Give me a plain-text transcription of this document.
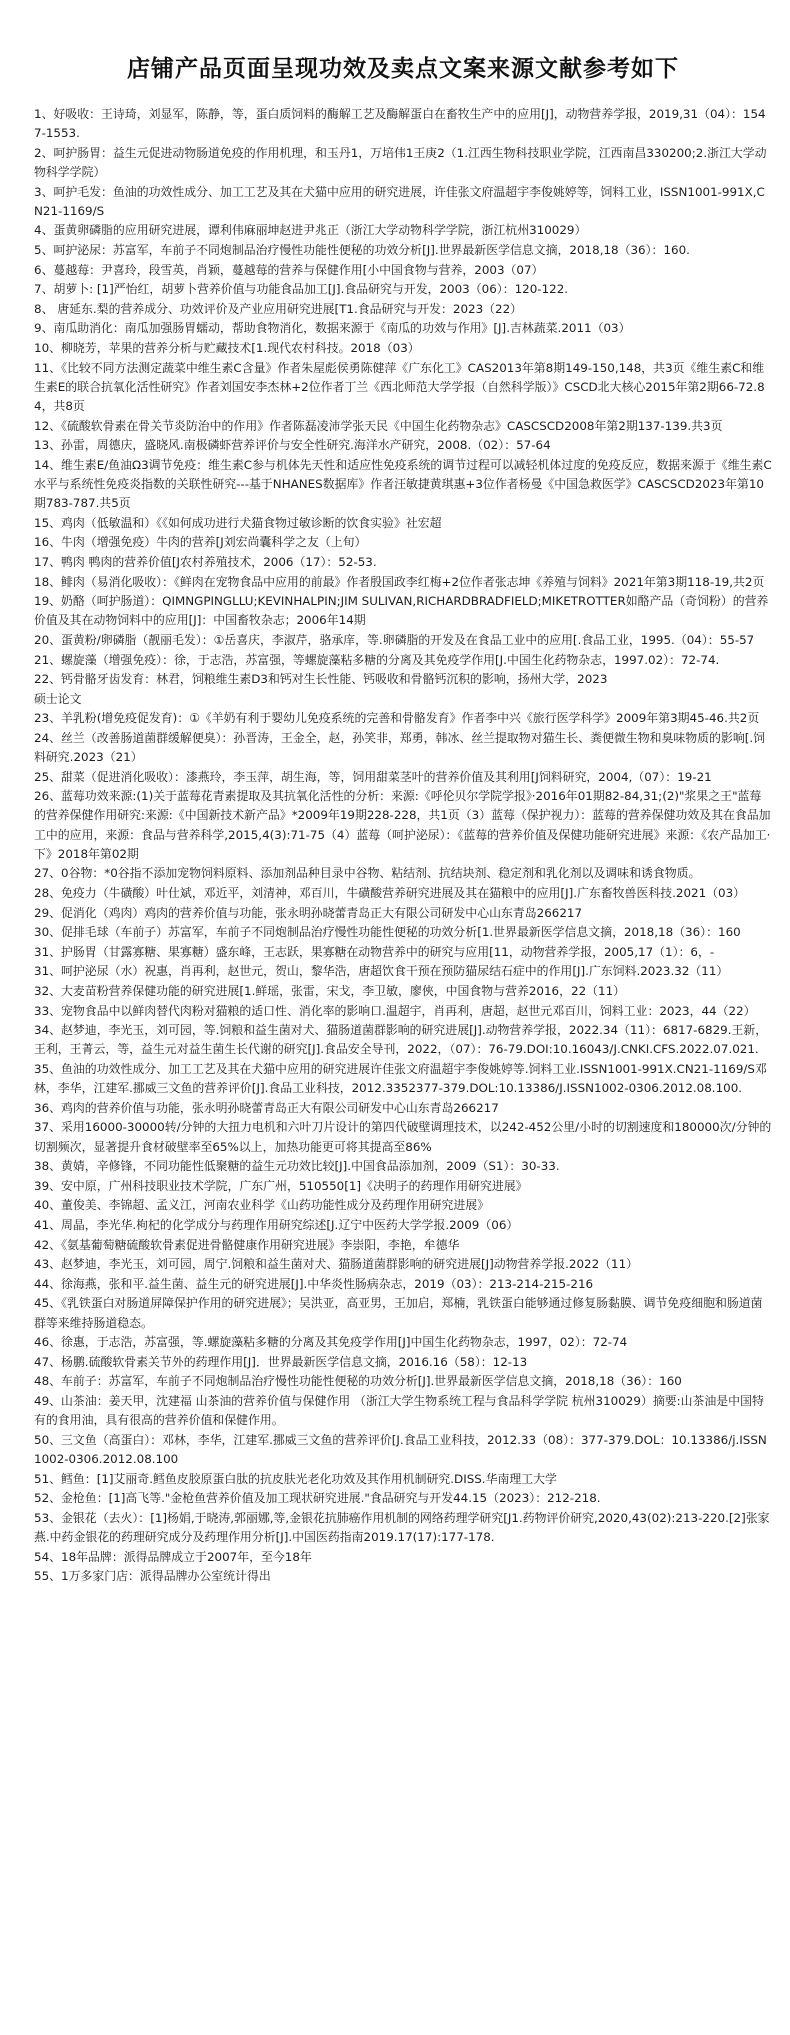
店铺产品页面呈现功效及卖点文案来源文献参考如下
1、好吸收：王诗琦，刘显军，陈静，等，蛋白质饲料的酶解工艺及酶解蛋白在畜牧生产中的应用[J]，动物营养学报，2019,31（04）：1547-1553.
2、呵护肠胃：益生元促进动物肠道免疫的作用机理，和玉丹1，万培伟1王庚2（1.江西生物科技职业学院，江西南昌330200;2.浙江大学动物科学学院）
3、呵护毛发：鱼油的功效性成分、加工工艺及其在犬猫中应用的研究进展，许佳张文府温超宇李俊姚婷等，饲料工业，ISSN1001-991X,CN21-1169/S
4、蛋黄卵磷脂的应用研究进展，谭利伟麻丽坤赵进尹兆正（浙江大学动物科学学院，浙江杭州310029）
5、呵护泌尿：苏富军，车前子不同炮制品治疗慢性功能性便秘的功效分析[J].世界最新医学信息文摘，2018,18（36）：160.
6、蔓越莓：尹喜玲，段雪英，肖颖，蔓越莓的营养与保健作用[小中国食物与营养，2003（07）
7、胡萝卜: [1]严怡红，胡萝卜营养价值与功能食品加工[J].食品研究与开发，2003（06）：120-122.
8、 唐延东.梨的营养成分、功效评价及产业应用研究进展[T1.食品研究与开发：2023（22）
9、南瓜助消化：南瓜加强肠胃蠕动，帮助食物消化，数据来源于《南瓜的功效与作用》[J].吉林蔬菜.2011（03）
10、柳晓芳，苹果的营养分析与贮藏技术[1.现代农村科技。2018（03）
11、《比较不同方法测定蔬菜中维生素C含量》作者朱屋彪侯勇陈健萍《广东化工》CAS2013年第8期149-150,148，共3页《维生素C和维生素E的联合抗氧化活性研究》作者刘国安李杰林+2位作者丁兰《西北师范大学学报（自然科学版）》CSCD北大核心2015年第2期66-72.84，共8页
12、《硫酸软骨素在骨关节炎防治中的作用》作者陈磊凌沛学张天民《中国生化药物杂志》CASCSCD2008年第2期137-139.共3页
13、孙雷，周德庆，盛晓风.南极磷虾营养评价与安全性研究.海洋水产研究，2008.（02）：57-64
14、维生素E/鱼油Ω3调节免疫：维生素C参与机体先天性和适应性免疫系统的调节过程可以减轻机体过度的免疫反应，数据来源于《维生素C水平与系统性免疫炎指数的关联性研究---基于NHANES数据库》作者汪敏捷黄琪惠+3位作者杨曼《中国急救医学》CASCSCD2023年第10期783-787.共5页
15、鸡肉（低敏温和）《《如何成功进行犬猫食物过敏诊断的饮食实验》社宏超
16、牛肉（增强免疫）牛肉的营养[J刘宏尚囊科学之友（上旬）
17、鸭肉 鸭肉的营养价值[J农村养殖技术，2006（17）：52-53.
18、鲱肉（易消化吸收）：《鲜肉在宠物食品中应用的前最》作者殷国政李红梅+2位作者张志坤《养殖与饲料》2021年第3期118-19,共2页
19、奶酪（呵护肠道）：QIMNGPINGLLU;KEVINHALPIN;JIM SULIVAN,RICHARDBRADFIELD;MIKETROTTER如酪产品（奇饲粉）的营养价值及其在动物饲料中的应用[J]：中国畜牧杂志；2006年14期
20、蛋黄粉/卵磷脂（靓丽毛发）：①岳喜庆，李淑芹，骆承庠，等.卵磷脂的开发及在食品工业中的应用[.食品工业，1995.（04）：55-57
21、螺旋藻（增强免疫）：徐，于志浩，苏富强，等螺旋藻粘多糖的分离及其免疫学作用[J.中国生化药物杂志，1997.02）：72-74.
22、钙骨骼牙齿发育：林君，饲粮维生素D3和钙对生长性能、钙吸收和骨骼钙沉积的影响，扬州大学，2023
硕士论文
23、羊乳粉(增免疫促发育)：①《羊奶有利于婴幼儿免疫系统的完善和骨骼发育》作者李中兴《旅行医学科学》2009年第3期45-46.共2页
24、丝兰（改善肠道菌群缓解便臭）：孙晋涛，王金全，赵，孙笑非，郑勇，韩冰、丝兰提取物对猫生长、粪便微生物和臭味物质的影响[.饲料研究.2023（21）
25、甜菜（促进消化吸收）：漆燕玲，李玉萍，胡生海，等，饲用甜菜茎叶的营养价值及其利用[J饲料研究，2004,（07）：19-21
26、蓝莓功效来源:(1)关于蓝莓花青素提取及其抗氧化活性的分析：来源:《呼伦贝尔学院学报》·2016年01期82-84,31;(2)"浆果之王"蓝莓的营养保健作用研究:来源:《中国新技术新产品》*2009年19期228-228，共1页（3）蓝莓（保护视力）：蓝莓的营养保健功效及其在食品加工中的应用，来源：食品与营养科学,2015,4(3):71-75（4）蓝莓（呵护泌尿）：《蓝莓的营养价值及保健功能研究进展》来源：《农产品加工·下》2018年第02期
27、0谷物：*0谷指不添加宠物饲料原料、添加剂品种目录中谷物、粘结剂、抗结块剂、稳定剂和乳化剂以及调味和诱食物质。
28、免疫力（牛磺酸）叶仕斌，邓近平，刘清神，邓百川，牛磺酸营养研究进展及其在猫粮中的应用[J].广东畜牧兽医科技.2021（03）
29、促消化（鸡肉）鸡肉的营养价值与功能，张永明孙晓蕾青岛正大有限公司研发中心山东青岛266217
30、促排毛球（车前子）苏富军，车前子不同炮制品治疗慢性功能性便秘的功效分析[1.世界最新医学信息文摘，2018,18（36）：160
31、护肠胃（甘露寡糖、果寡糖）盛东峰，王志跃，果寡糖在动物营养中的研究与应用[11，动物营养学报，2005,17（1）：6，-
31、呵护泌尿（水）祝惠，肖再利，赵世元，贺山，黎华浩，唐超饮食干预在预防猫尿结石症中的作用[J].广东饲料.2023.32（11）
32、大麦苗粉营养保健功能的研究进展[1.鲜瑶，张雷，宋戈，李卫敏，廖俠，中国食物与营养2016，22（11）
33、宠物食品中以鲜肉替代肉粉对猫粮的适口性、消化率的影响口.温超宇，肖再利，唐超，赵世元邓百川，饲料工业：2023，44（22）
34、赵梦迪，李光玉，刘可园，等.饲粮和益生菌对犬、猫肠道菌群影响的研究进展[J].动物营养学报，2022.34（11）：6817-6829.王新，王利，王菁云，等，益生元对益生菌生长代谢的研究[J].食品安全导刊，2022，（07）：76-79.DOI:10.16043/J.CNKI.CFS.2022.07.021.
35、鱼油的功效性成分、加工工艺及其在犬猫中应用的研究进展许佳张文府温超宇李俊姚婷等.饲料工业.ISSN1001-991X.CN21-1169/S邓林，李华，江建军.挪威三文鱼的营养评价[J].食品工业科技，2012.3352377-379.DOL:10.13386/J.ISSN1002-0306.2012.08.100.
36、鸡肉的营养价值与功能，张永明孙晓蕾青岛正大有限公司研发中心山东青岛266217
37、采用16000-30000转/分钟的大扭力电机和六叶刀片设计的第四代破壁调理技术，以242-452公里/小时的切割速度和180000次/分钟的切割频次，显著提升食材破壁率至65%以上，加热功能更可将其提高至86%
38、黄婧，辛修锋，不同功能性低聚糖的益生元功效比较[J].中国食品添加剂，2009（S1）：30-33.
39、安中原，广州科技职业技术学院，广东广州，510550[1]《决明子的药理作用研究进展》
40、董俊美、李锦超、孟义江，河南农业科学《山药功能性成分及药理作用研究进展》
41、周晶，李光华.枸杞的化学成分与药理作用研究综述[J.辽宁中医药大学学报.2009（06）
42、《氨基葡萄糖硫酸软骨素促进骨骼健康作用研究进展》李崇阳，李艳，牟德华
43、赵梦迪，李光玉，刘可园，周宁.饲粮和益生菌对犬、猫肠道菌群影响的研究进展[J]动物营养学报.2022（11）
44、徐海燕，张和平.益生菌、益生元的研究进展[J].中华炎性肠病杂志，2019（03）：213-214-215-216
45、《乳铁蛋白对肠道屏障保护作用的研究进展》；吴洪亚，高亚男，王加启，郑楠，乳铁蛋白能够通过修复肠黏膜、调节免疫细胞和肠道菌群等来维持肠道稳态。
46、徐惠，于志浩，苏富强，等.螺旋藻粘多糖的分离及其免疫学作用[J]中国生化药物杂志，1997，02）：72-74
47、杨鹏.硫酸软骨素关节外的药理作用[J]．世界最新医学信息文摘，2016.16（58）：12-13
48、车前子：苏富军，车前子不同炮制品治疗慢性功能性便秘的功效分析[J].世界最新医学信息文摘，2018,18（36）：160
49、山茶油：姜天甲，沈建福 山茶油的营养价值与保健作用 （浙江大学生物系统工程与食品科学学院 杭州310029）摘要:山茶油是中国特有的食用油，具有很高的营养价值和保健作用。
50、三文鱼（高蛋白）：邓林，李华，江建军.挪威三文鱼的营养评价[J.食品工业科技，2012.33（08）：377-379.DOL：10.13386/j.ISSN1002-0306.2012.08.100
51、鳕鱼：[1]艾丽奇.鳕鱼皮胶原蛋白肽的抗皮肤光老化功效及其作用机制研究.DISS.华南理工大学
52、金枪鱼：[1]高飞等."金枪鱼营养价值及加工现状研究进展."食品研究与开发44.15（2023）：212-218.
53、金银花（去火）：[1]杨娟,于晓涛,郭丽娜,等,金银花抗肺癌作用机制的网络药理学研究[J1.药物评价研究,2020,43(02):213-220.[2]张家燕.中药金银花的药理研究成分及药理作用分析[J].中国医药指南2019.17(17):177-178.
54、18年品牌：派得品牌成立于2007年，至今18年
55、1万多家门店：派得品牌办公室统计得出
